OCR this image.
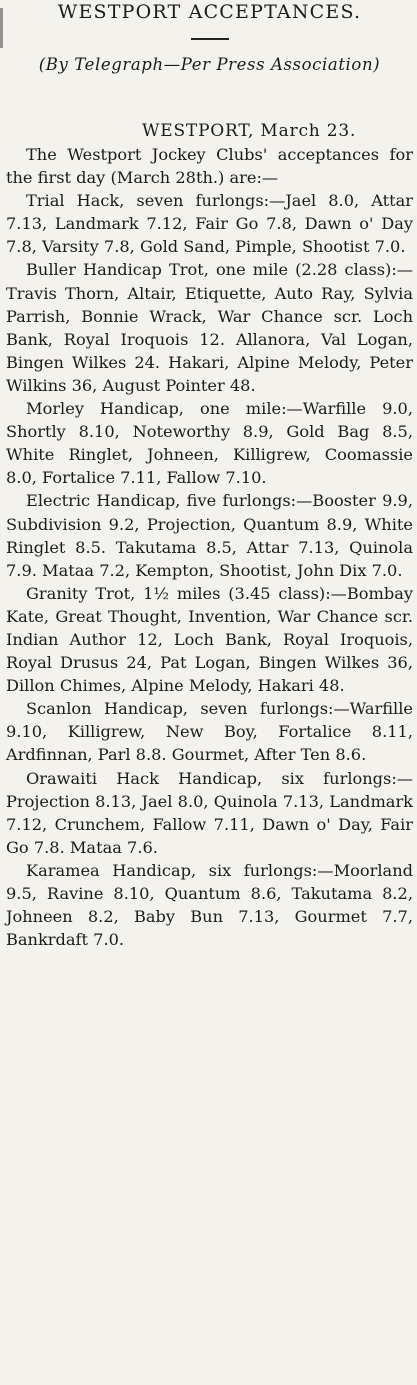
WESTPORT ACCEPTANCES.
(By Telegraph—Per Press Association)
WESTPORT, March 23.

The Westport Jockey Clubs' acceptances for the first day (March 28th.) are:—

Trial Hack, seven furlongs:—Jael 8.0, Attar 7.13, Landmark 7.12, Fair Go 7.8, Dawn o' Day 7.8, Varsity 7.8, Gold Sand, Pimple, Shootist 7.0.

Buller Handicap Trot, one mile (2.28 class):—Travis Thorn, Altair, Etiquette, Auto Ray, Sylvia Parrish, Bonnie Wrack, War Chance scr. Loch Bank, Royal Iroquois 12. Allanora, Val Logan, Bingen Wilkes 24. Hakari, Alpine Melody, Peter Wilkins 36, August Pointer 48.

Morley Handicap, one mile:—Warfille 9.0, Shortly 8.10, Noteworthy 8.9, Gold Bag 8.5, White Ringlet, Johneen, Killigrew, Coomassie 8.0, Fortalice 7.11, Fallow 7.10.

Electric Handicap, five furlongs:—Booster 9.9, Subdivision 9.2, Projection, Quantum 8.9, White Ringlet 8.5. Takutama 8.5, Attar 7.13, Quinola 7.9. Mataa 7.2, Kempton, Shootist, John Dix 7.0.

Granity Trot, 1½ miles (3.45 class):—Bombay Kate, Great Thought, Invention, War Chance scr. Indian Author 12, Loch Bank, Royal Iroquois, Royal Drusus 24, Pat Logan, Bingen Wilkes 36, Dillon Chimes, Alpine Melody, Hakari 48.

Scanlon Handicap, seven furlongs:—Warfille 9.10, Killigrew, New Boy, Fortalice 8.11, Ardfinnan, Parl 8.8. Gourmet, After Ten 8.6.

Orawaiti Hack Handicap, six furlongs:—Projection 8.13, Jael 8.0, Quinola 7.13, Landmark 7.12, Crunchem, Fallow 7.11, Dawn o' Day, Fair Go 7.8. Mataa 7.6.

Karamea Handicap, six furlongs:—Moorland 9.5, Ravine 8.10, Quantum 8.6, Takutama 8.2, Johneen 8.2, Baby Bun 7.13, Gourmet 7.7, Bankrdaft 7.0.
